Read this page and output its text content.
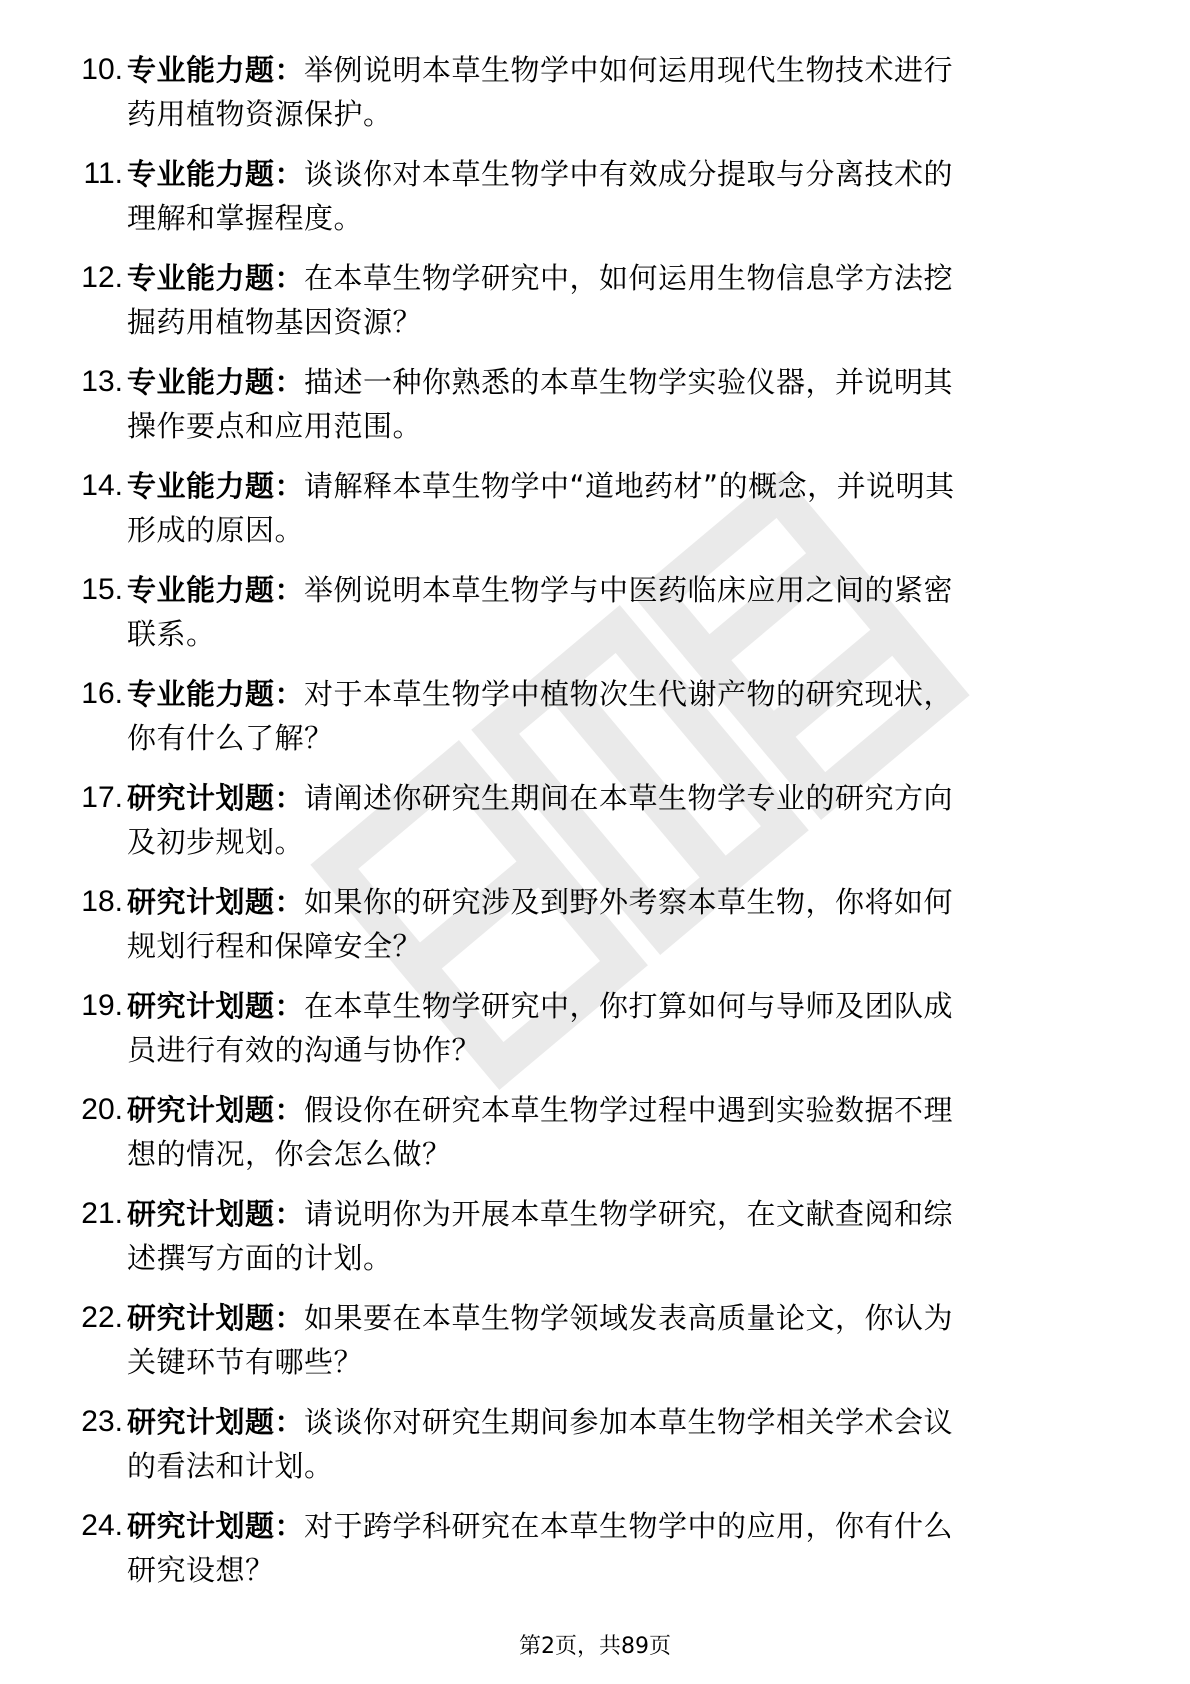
10. 专业能力题：举例说明本草生物学中如何运用现代生物技术进行

药用植物资源保护。

11. 专业能力题：谈谈你对本草生物学中有效成分提取与分离技术的

理解和掌握程度。

12. 专业能力题：在本草生物学研究中，如何运用生物信息学方法挖

掘药用植物基因资源？

13. 专业能力题：描述一种你熟悉的本草生物学实验仪器，并说明其

操作要点和应用范围。

14. 专业能力题：请解释本草生物学中“道地药材”的概念，并说明其

形成的原因。

15. 专业能力题：举例说明本草生物学与中医药临床应用之间的紧密

联系。

16. 专业能力题：对于本草生物学中植物次生代谢产物的研究现状，

你有什么了解？

17. 研究计划题：请阐述你研究生期间在本草生物学专业的研究方向

及初步规划。

18. 研究计划题：如果你的研究涉及到野外考察本草生物，你将如何

规划行程和保障安全？

19. 研究计划题：在本草生物学研究中，你打算如何与导师及团队成

员进行有效的沟通与协作？

20. 研究计划题：假设你在研究本草生物学过程中遇到实验数据不理

想的情况，你会怎么做？

21. 研究计划题：请说明你为开展本草生物学研究，在文献查阅和综

述撰写方面的计划。

22. 研究计划题：如果要在本草生物学领域发表高质量论文，你认为

关键环节有哪些？

23. 研究计划题：谈谈你对研究生期间参加本草生物学相关学术会议

的看法和计划。

24. 研究计划题：对于跨学科研究在本草生物学中的应用，你有什么

研究设想？

第2页，共89页
